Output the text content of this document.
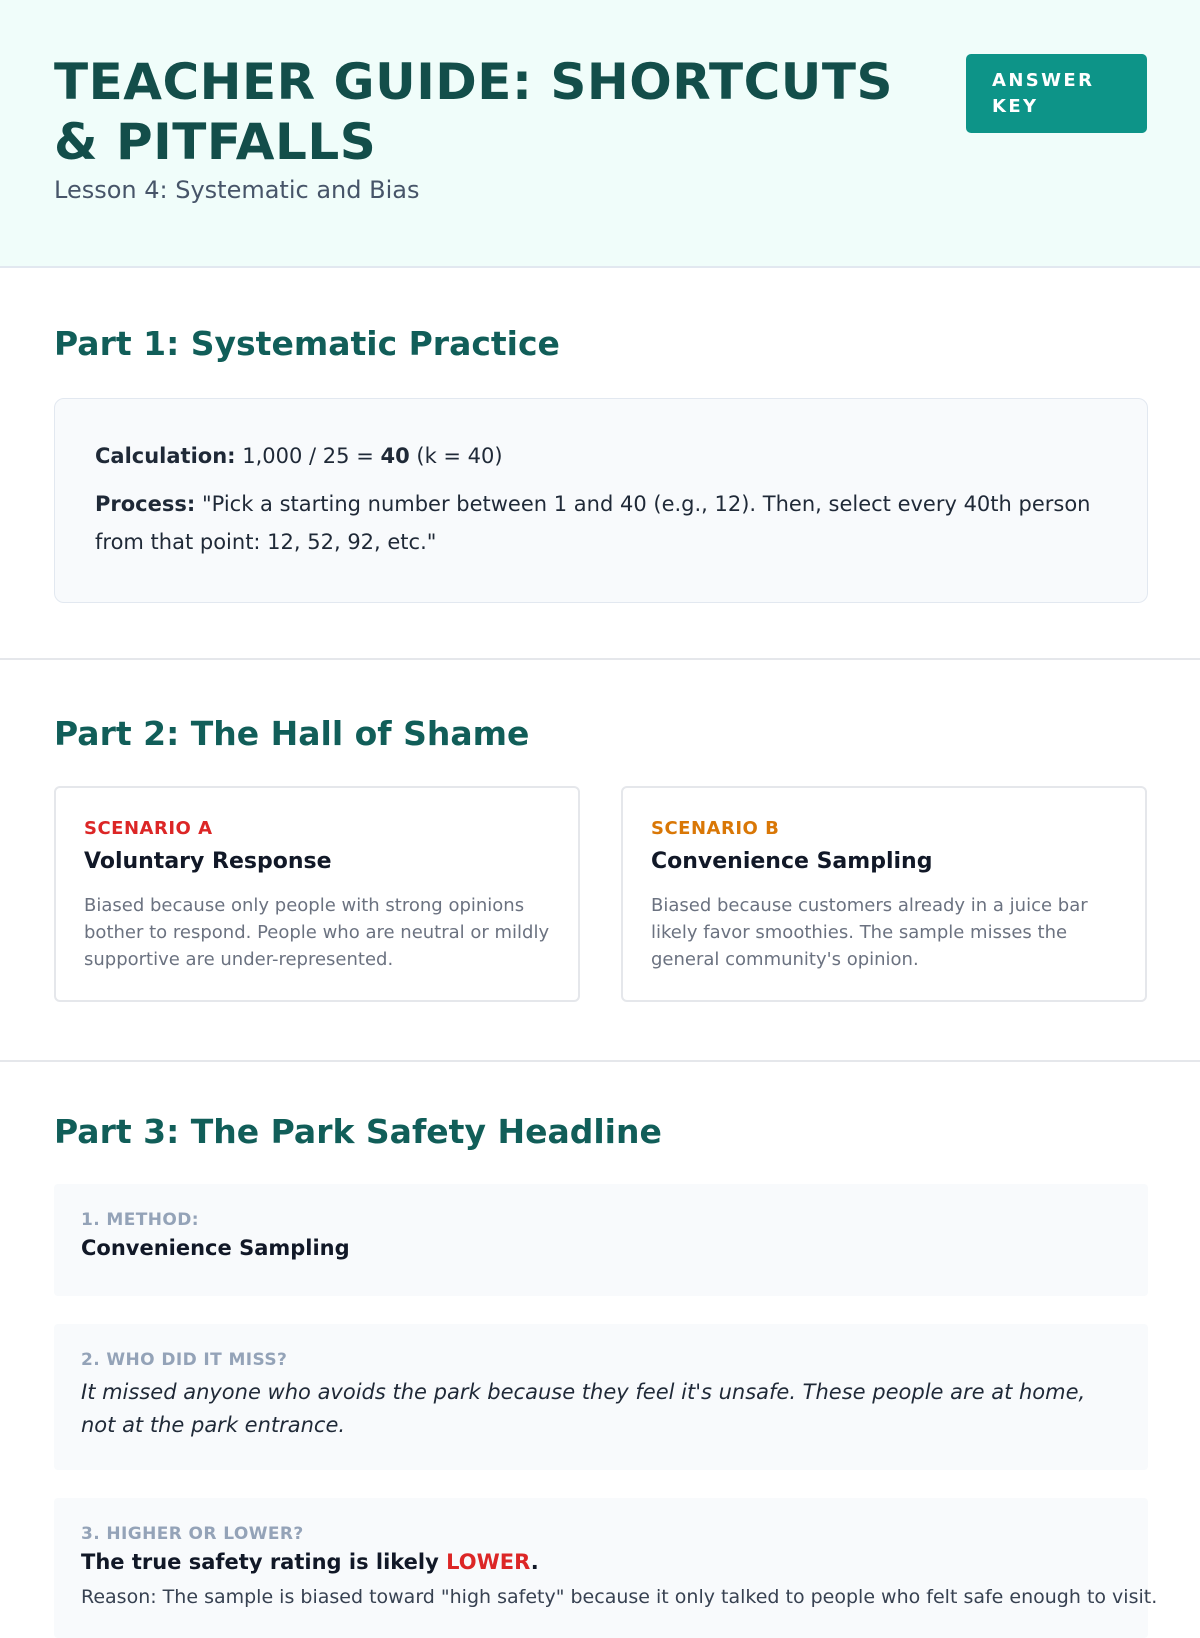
TEACHER GUIDE: SHORTCUTS & PITFALLS
Lesson 4: Systematic and Bias
ANSWER KEY
Part 1: Systematic Practice

Calculation: 1,000 / 25 = 40 (k = 40)

Process: "Pick a starting number between 1 and 40 (e.g., 12). Then, select every 40th person from that point: 12, 52, 92, etc."

Part 2: The Hall of Shame
SCENARIO A
Voluntary Response
Biased because only people with strong opinions bother to respond. People who are neutral or mildly supportive are under-represented.
SCENARIO B
Convenience Sampling
Biased because customers already in a juice bar likely favor smoothies. The sample misses the general community's opinion.
Part 3: The Park Safety Headline
1. METHOD:
Convenience Sampling
2. WHO DID IT MISS?
It missed anyone who avoids the park because they feel it's unsafe. These people are at home, not at the park entrance.
3. HIGHER OR LOWER?
The true safety rating is likely LOWER.
Reason: The sample is biased toward "high safety" because it only talked to people who felt safe enough to visit.
